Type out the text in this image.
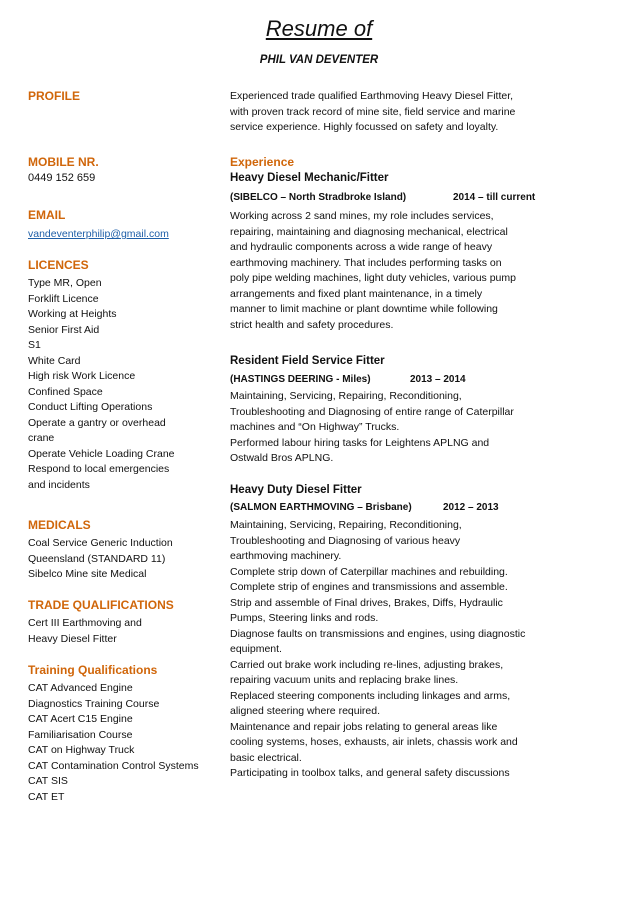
Resume of
PHIL VAN DEVENTER
PROFILE
MOBILE NR.
0449 152 659
EMAIL
vandeventerphilip@gmail.com
LICENCES
Type MR, Open
Forklift Licence
Working at Heights
Senior First Aid
S1
White Card
High risk Work Licence
Confined Space
Conduct Lifting Operations
Operate a gantry or overhead
crane
Operate Vehicle Loading Crane
Respond to local emergencies
and incidents
MEDICALS
Coal Service Generic Induction
Queensland (STANDARD 11)
Sibelco Mine site Medical
TRADE QUALIFICATIONS
Cert III Earthmoving and
Heavy Diesel Fitter
Training Qualifications
CAT Advanced Engine
Diagnostics Training Course
CAT Acert C15 Engine
Familiarisation Course
CAT on Highway Truck
CAT Contamination Control Systems
CAT SIS
CAT ET
Experienced trade qualified Earthmoving Heavy Diesel Fitter,
with proven track record of mine site, field service and marine
service experience. Highly focussed on safety and loyalty.
Experience
Heavy Diesel Mechanic/Fitter
(SIBELCO – North Stradbroke Island)	2014 – till current
Working across 2 sand mines, my role includes services,
repairing, maintaining and diagnosing mechanical, electrical
and hydraulic components across a wide range of heavy
earthmoving machinery. That includes performing tasks on
poly pipe welding machines, light duty vehicles, various pump
arrangements and fixed plant maintenance, in a timely
manner to limit machine or plant downtime while following
strict health and safety procedures.
Resident Field Service Fitter
(HASTINGS DEERING - Miles)	2013 – 2014
Maintaining, Servicing, Repairing, Reconditioning,
Troubleshooting and Diagnosing of entire range of Caterpillar
machines and “On Highway” Trucks.
Performed labour hiring tasks for Leightens APLNG and
Ostwald Bros APLNG.
Heavy Duty Diesel Fitter
(SALMON EARTHMOVING – Brisbane)	2012 – 2013
Maintaining, Servicing, Repairing, Reconditioning,
Troubleshooting and Diagnosing of various heavy
earthmoving machinery.
Complete strip down of Caterpillar machines and rebuilding.
Complete strip of engines and transmissions and assemble.
Strip and assemble of Final drives, Brakes, Diffs, Hydraulic
Pumps, Steering links and rods.
Diagnose faults on transmissions and engines, using diagnostic
equipment.
Carried out brake work including re-lines, adjusting brakes,
repairing vacuum units and replacing brake lines.
Replaced steering components including linkages and arms,
aligned steering where required.
Maintenance and repair jobs relating to general areas like
cooling systems, hoses, exhausts, air inlets, chassis work and
basic electrical.
Participating in toolbox talks, and general safety discussions
